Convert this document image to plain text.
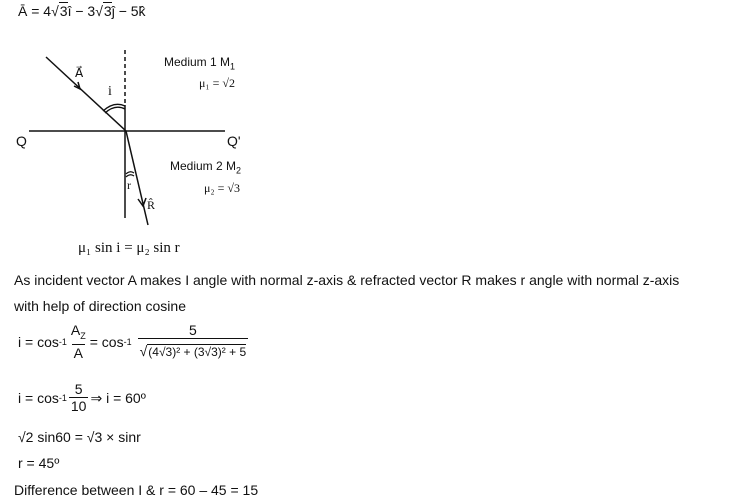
Ā = 4√3î − 3√3ĵ − 5k̂
A⃗
i
Q	Q'
r
R̂
Medium 1 $M_1$
μ₁ = √2
Medium 2 $M_2$
μ₂ = √3
μ₁ sin i = μ₂ sin r
As incident vector A makes I angle with normal z-axis & refracted vector R makes r angle with normal z-axis
with help of direction cosine
$i = \cos -1 \frac{A_Z}{A} = \cos -1 \frac{5}{\text{√(4√3)² + (3√3)² + 5}}$
$i = \cos -1 \frac{5}{10}$ ⇒ i = 60º
√2 sin60 = √3 × sinr
r = 45º
Difference between I & r = 60 – 45 = 15
